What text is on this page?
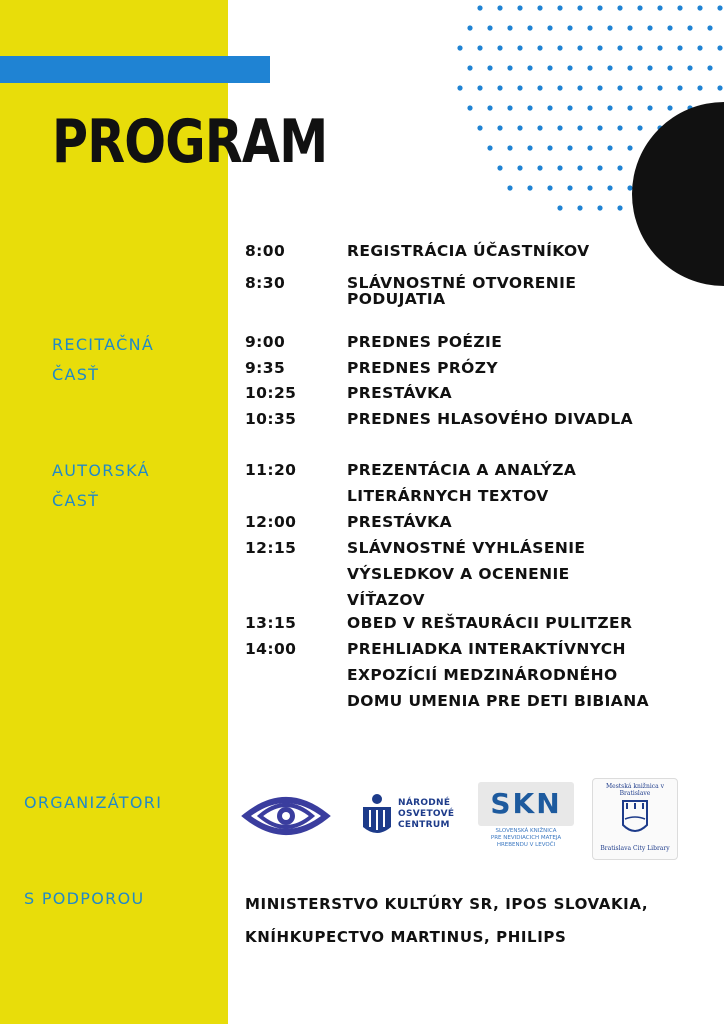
PROGRAM
8:00	REGISTRÁCIA ÚČASTNÍKOV
8:30	SLÁVNOSTNÉ OTVORENIE PODUJATIA
9:00	PREDNES POÉZIE
9:35	PREDNES PRÓZY
10:25	PRESTÁVKA
10:35	PREDNES HLASOVÉHO DIVADLA
11:20	PREZENTÁCIA A ANALÝZA LITERÁRNYCH TEXTOV
12:00	PRESTÁVKA
12:15	SLÁVNOSTNÉ VYHLÁSENIE VÝSLEDKOV A OCENENIE VÍŤAZOV
13:15	OBED V REŠTAURÁCII PULITZER
14:00	PREHLIADKA INTERAKTÍVNYCH EXPOZÍCIÍ MEDZINÁRODNÉHO DOMU UMENIA PRE DETI BIBIANA
RECITAČNÁ ČASŤ
AUTORSKÁ ČASŤ
ORGANIZÁTORI
S PODPOROU
NÁRODNÉ
OSVETOVÉ
CENTRUM
SKN
SLOVENSKÁ KNIŽNICA
PRE NEVIDIACICH MATEJA
HREBENDU V LEVOČI
Mestská knižnica v Bratislave
Bratislava City Library
MINISTERSTVO KULTÚRY SR, IPOS SLOVAKIA, KNÍHKUPECTVO MARTINUS, PHILIPS
